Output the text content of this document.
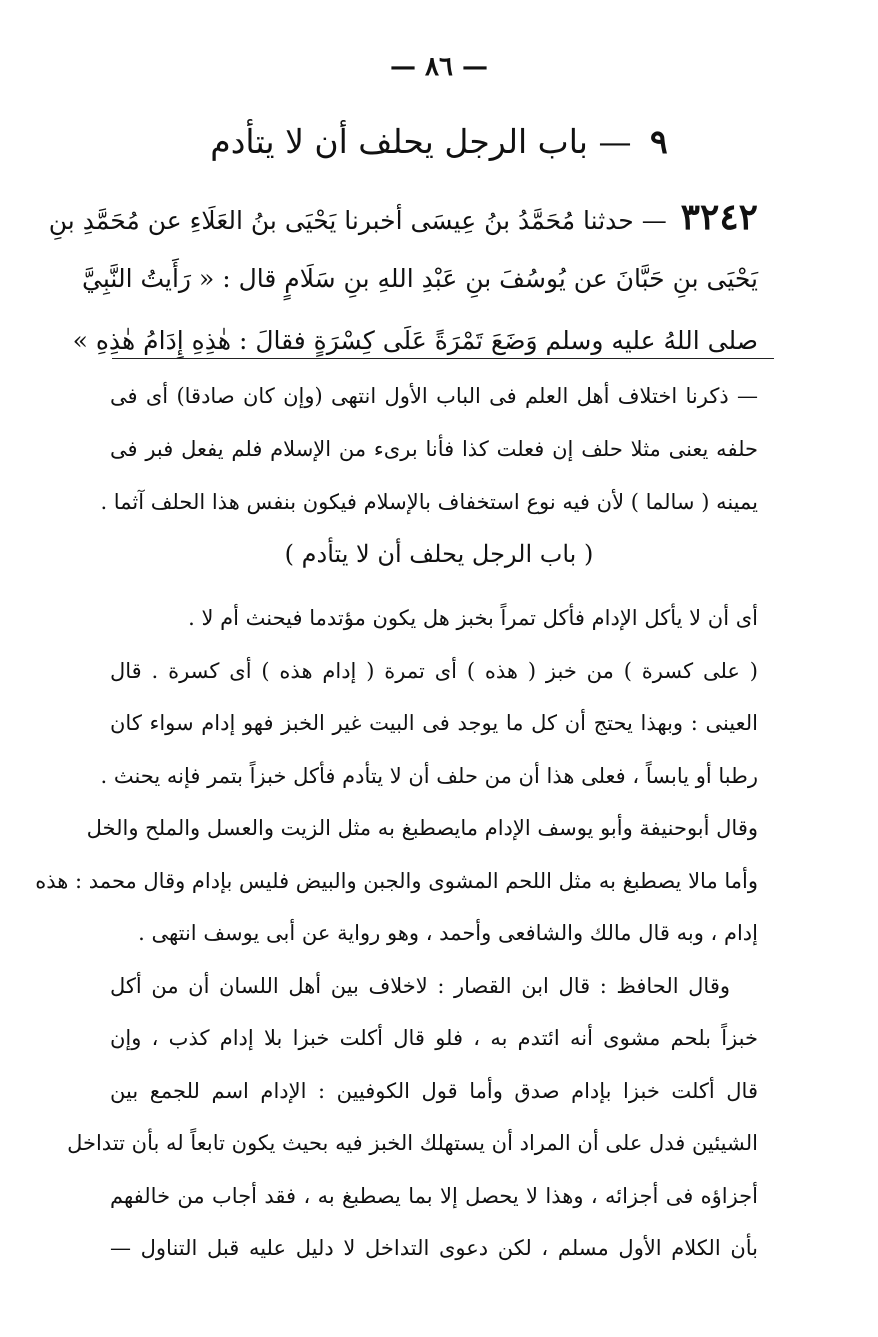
— ٨٦ —
٩ — باب الرجل يحلف أن لا يتأدم
٣٢٤٢ — حدثنا مُحَمَّدُ بنُ عِيسَى أخبرنا يَحْيَى بنُ العَلَاءِ عن مُحَمَّدِ بنِ
يَحْيَى بنِ حَبَّانَ عن يُوسُفَ بنِ عَبْدِ اللهِ بنِ سَلَامٍ قال : « رَأَيتُ النَّبِيَّ
صلى اللهُ عليه وسلم وَضَعَ تَمْرَةً عَلَى كِسْرَةٍ فقالَ : هٰذِهِ إِدَامُ هٰذِهِ »
— ذكرنا اختلاف أهل العلم فى الباب الأول انتهى (وإن كان صادقا) أى فى
حلفه يعنى مثلا حلف إن فعلت كذا فأنا برىء من الإسلام فلم يفعل فبر فى
يمينه ( سالما ) لأن فيه نوع استخفاف بالإسلام فيكون بنفس هذا الحلف آثما .
( باب الرجل يحلف أن لا يتأدم )
أى أن لا يأكل الإدام فأكل تمراً بخبز هل يكون مؤتدما فيحنث أم لا .
( على كسرة ) من خبز ( هذه ) أى تمرة ( إدام هذه ) أى كسرة . قال
العينى : وبهذا يحتج أن كل ما يوجد فى البيت غير الخبز فهو إدام سواء كان
رطبا أو يابساً ، فعلى هذا أن من حلف أن لا يتأدم فأكل خبزاً بتمر فإنه يحنث .
وقال أبوحنيفة وأبو يوسف الإدام مايصطبغ به مثل الزيت والعسل والملح والخل
وأما مالا يصطبغ به مثل اللحم المشوى والجبن والبيض فليس بإدام وقال محمد : هذه
إدام ، وبه قال مالك والشافعى وأحمد ، وهو رواية عن أبى يوسف انتهى .
وقال الحافظ : قال ابن القصار : لاخلاف بين أهل اللسان أن من أكل
خبزاً بلحم مشوى أنه ائتدم به ، فلو قال أكلت خبزا بلا إدام كذب ، وإن
قال أكلت خبزا بإدام صدق وأما قول الكوفيين : الإدام اسم للجمع بين
الشيئين فدل على أن المراد أن يستهلك الخبز فيه بحيث يكون تابعاً له بأن تتداخل
أجزاؤه فى أجزائه ، وهذا لا يحصل إلا بما يصطبغ به ، فقد أجاب من خالفهم
بأن الكلام الأول مسلم ، لكن دعوى التداخل لا دليل عليه قبل التناول —
